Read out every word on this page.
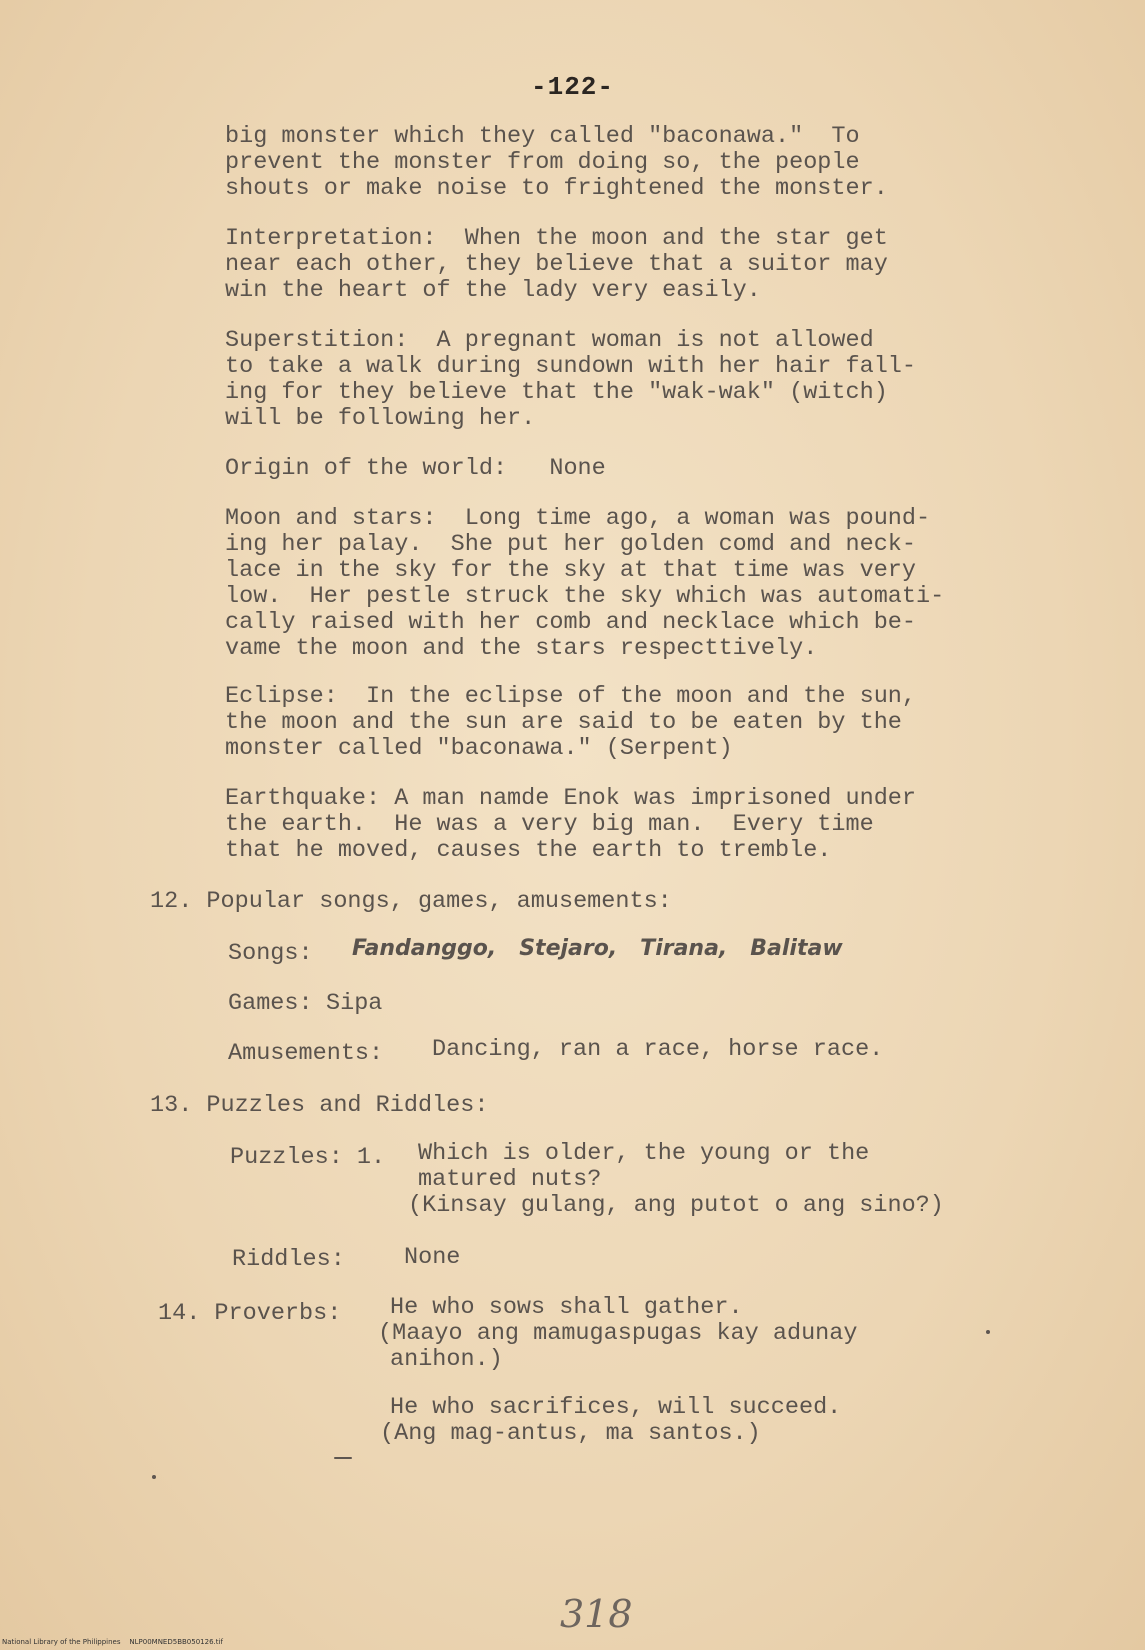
-122-
big monster which they called "baconawa."  To
prevent the monster from doing so, the people
shouts or make noise to frightened the monster.
Interpretation:  When the moon and the star get
near each other, they believe that a suitor may
win the heart of the lady very easily.
Superstition:  A pregnant woman is not allowed
to take a walk during sundown with her hair fall-
ing for they believe that the "wak-wak" (witch)
will be following her.
Origin of the world:   None
Moon and stars:  Long time ago, a woman was pound-
ing her palay.  She put her golden comd and neck-
lace in the sky for the sky at that time was very
low.  Her pestle struck the sky which was automati-
cally raised with her comb and necklace which be-
vame the moon and the stars respecttively.
Eclipse:  In the eclipse of the moon and the sun,
the moon and the sun are said to be eaten by the
monster called "baconawa." (Serpent)
Earthquake: A man namde Enok was imprisoned under
the earth.  He was a very big man.  Every time
that he moved, causes the earth to tremble.
12. Popular songs, games, amusements:
Songs: Fandanggo,   Stejaro,   Tirana,   Balitaw
Games: Sipa
Amusements: Dancing, ran a race, horse race.
13. Puzzles and Riddles:
Puzzles: 1. Which is older, the young or the
matured nuts?
(Kinsay gulang, ang putot o ang sino?)
Riddles:	None
14. Proverbs: He who sows shall gather.
(Maayo ang mamugaspugas kay adunay
anihon.)
He who sacrifices, will succeed.
(Ang mag-antus, ma santos.)
318
National Library of the Philippines    NLP00MNED5BB050126.tif
